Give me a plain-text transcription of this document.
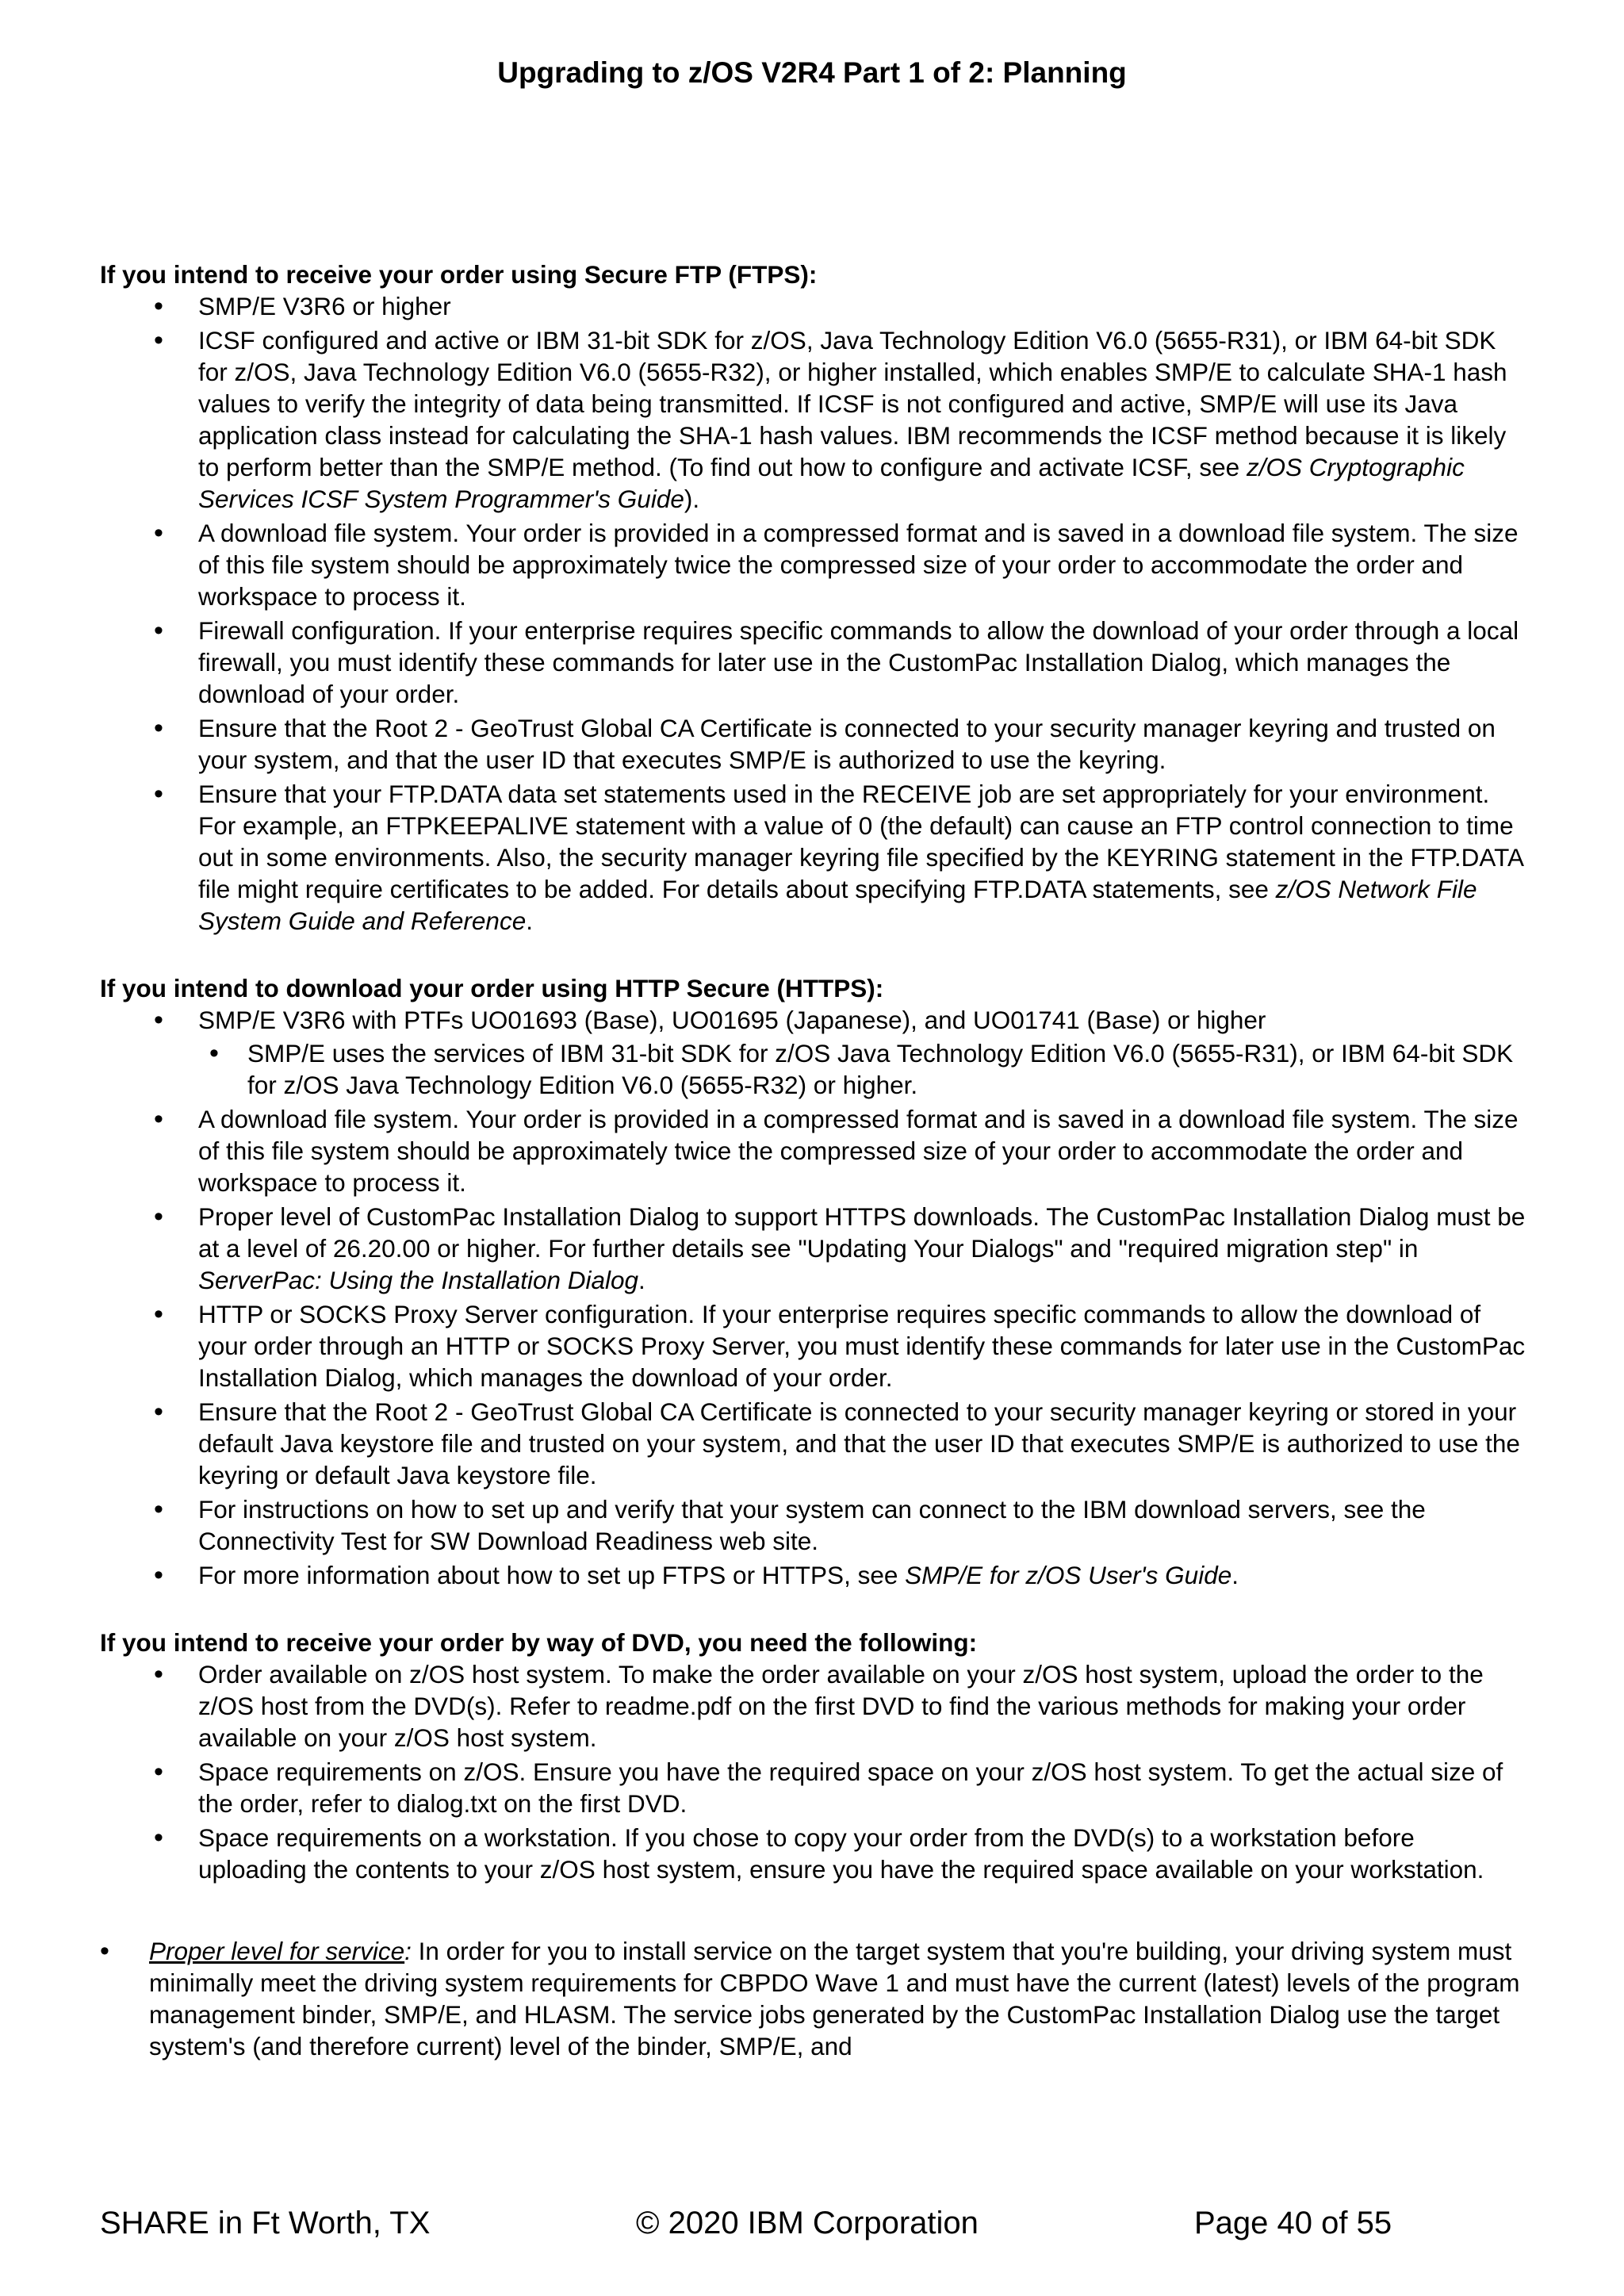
Upgrading to z/OS V2R4 Part 1 of 2: Planning

If you intend to receive your order using Secure FTP (FTPS):

• SMP/E V3R6 or higher
• ICSF configured and active or IBM 31-bit SDK for z/OS, Java Technology Edition V6.0 (5655-R31), or IBM 64-bit SDK for z/OS, Java Technology Edition V6.0 (5655-R32), or higher installed, which enables SMP/E to calculate SHA-1 hash values to verify the integrity of data being transmitted. If ICSF is not configured and active, SMP/E will use its Java application class instead for calculating the SHA-1 hash values. IBM recommends the ICSF method because it is likely to perform better than the SMP/E method. (To find out how to configure and activate ICSF, see z/OS Cryptographic Services ICSF System Programmer's Guide).
• A download file system. Your order is provided in a compressed format and is saved in a download file system. The size of this file system should be approximately twice the compressed size of your order to accommodate the order and workspace to process it.
• Firewall configuration. If your enterprise requires specific commands to allow the download of your order through a local firewall, you must identify these commands for later use in the CustomPac Installation Dialog, which manages the download of your order.
• Ensure that the Root 2 - GeoTrust Global CA Certificate is connected to your security manager keyring and trusted on your system, and that the user ID that executes SMP/E is authorized to use the keyring.
• Ensure that your FTP.DATA data set statements used in the RECEIVE job are set appropriately for your environment. For example, an FTPKEEPALIVE statement with a value of 0 (the default) can cause an FTP control connection to time out in some environments. Also, the security manager keyring file specified by the KEYRING statement in the FTP.DATA file might require certificates to be added. For details about specifying FTP.DATA statements, see z/OS Network File System Guide and Reference.

If you intend to download your order using HTTP Secure (HTTPS):

• SMP/E V3R6 with PTFs UO01693 (Base), UO01695 (Japanese), and UO01741 (Base) or higher
• SMP/E uses the services of IBM 31-bit SDK for z/OS Java Technology Edition V6.0 (5655-R31), or IBM 64-bit SDK for z/OS Java Technology Edition V6.0 (5655-R32) or higher.
• A download file system. Your order is provided in a compressed format and is saved in a download file system. The size of this file system should be approximately twice the compressed size of your order to accommodate the order and workspace to process it.
• Proper level of CustomPac Installation Dialog to support HTTPS downloads. The CustomPac Installation Dialog must be at a level of 26.20.00 or higher. For further details see "Updating Your Dialogs" and "required migration step" in ServerPac: Using the Installation Dialog.
• HTTP or SOCKS Proxy Server configuration. If your enterprise requires specific commands to allow the download of your order through an HTTP or SOCKS Proxy Server, you must identify these commands for later use in the CustomPac Installation Dialog, which manages the download of your order.
• Ensure that the Root 2 - GeoTrust Global CA Certificate is connected to your security manager keyring or stored in your default Java keystore file and trusted on your system, and that the user ID that executes SMP/E is authorized to use the keyring or default Java keystore file.
• For instructions on how to set up and verify that your system can connect to the IBM download servers, see the Connectivity Test for SW Download Readiness web site.
• For more information about how to set up FTPS or HTTPS, see SMP/E for z/OS User's Guide.

If you intend to receive your order by way of DVD, you need the following:

• Order available on z/OS host system. To make the order available on your z/OS host system, upload the order to the z/OS host from the DVD(s). Refer to readme.pdf on the first DVD to find the various methods for making your order available on your z/OS host system.
• Space requirements on z/OS. Ensure you have the required space on your z/OS host system. To get the actual size of the order, refer to dialog.txt on the first DVD.
• Space requirements on a workstation. If you chose to copy your order from the DVD(s) to a workstation before uploading the contents to your z/OS host system, ensure you have the required space available on your workstation.
• Proper level for service: In order for you to install service on the target system that you're building, your driving system must minimally meet the driving system requirements for CBPDO Wave 1 and must have the current (latest) levels of the program management binder, SMP/E, and HLASM. The service jobs generated by the CustomPac Installation Dialog use the target system's (and therefore current) level of the binder, SMP/E, and
SHARE in Ft Worth, TX	© 2020 IBM Corporation	Page 40 of 55
